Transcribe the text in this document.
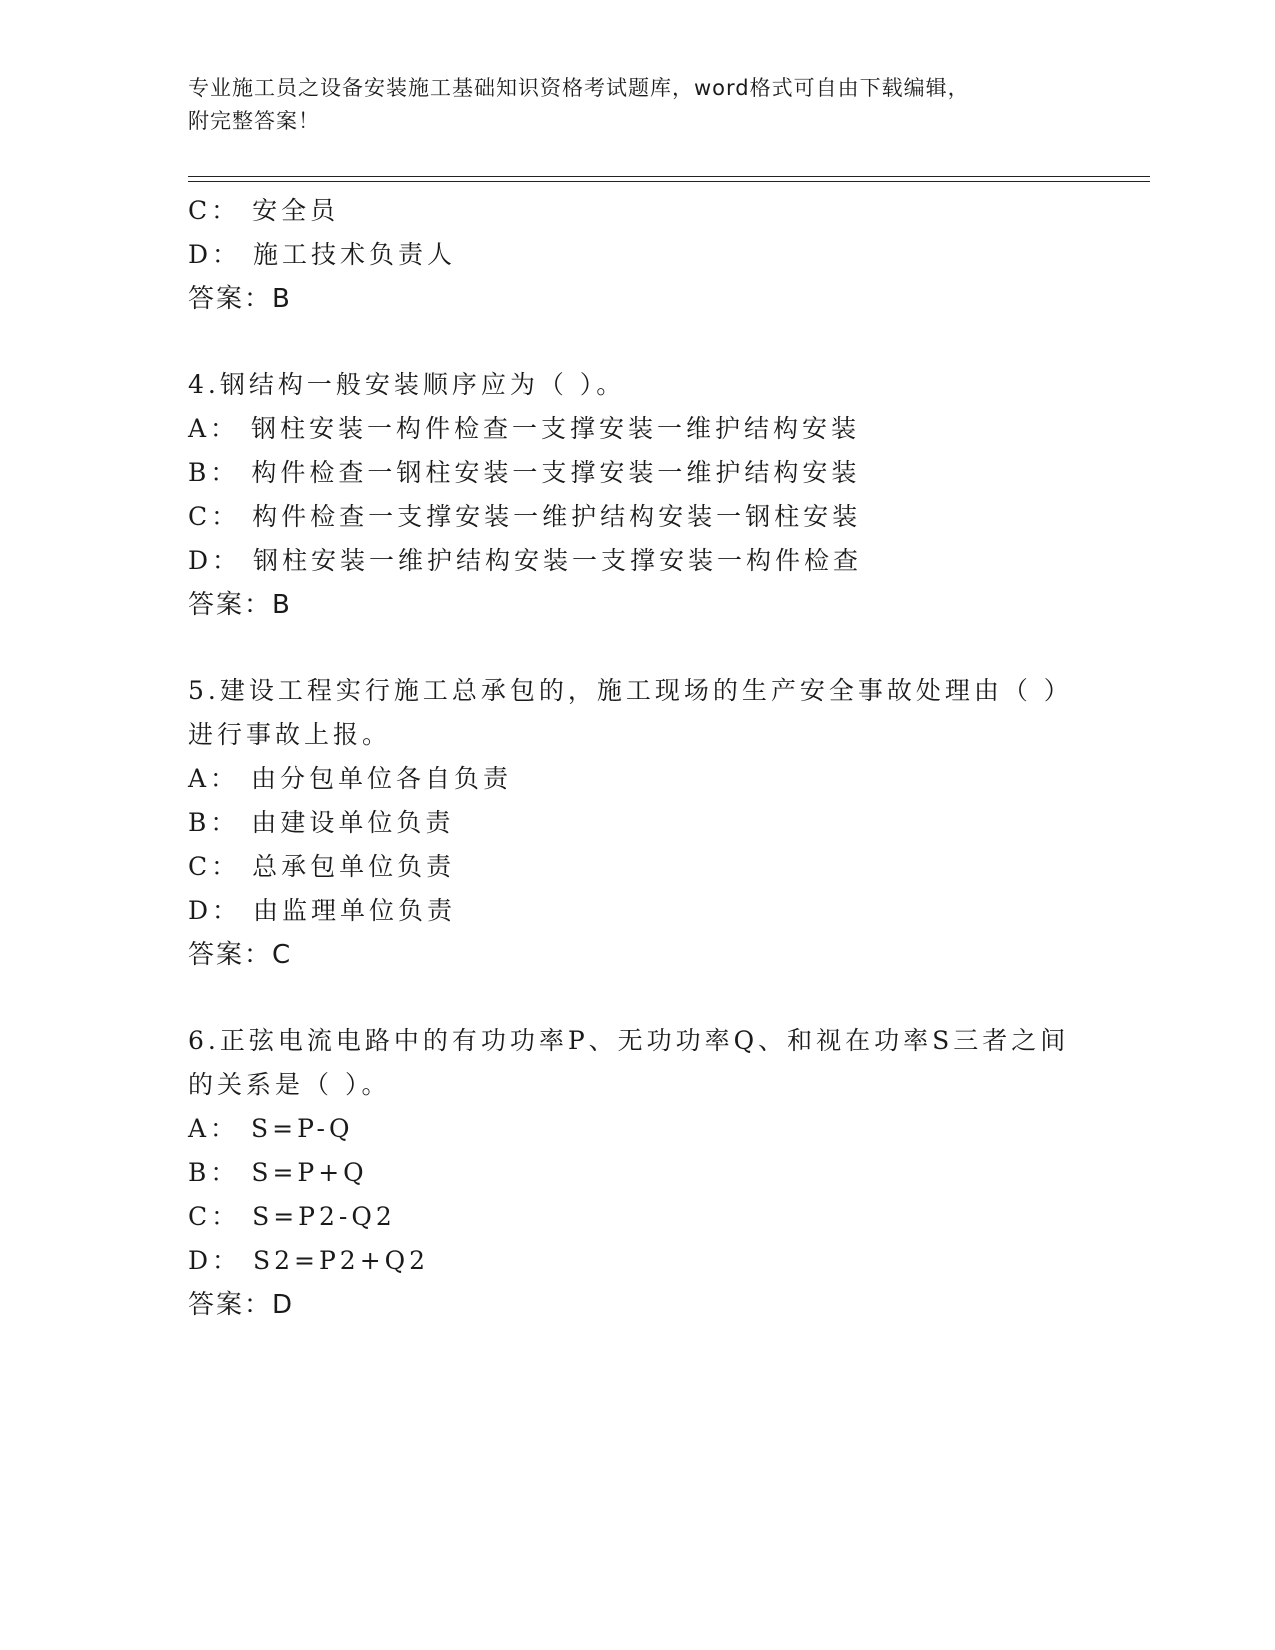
专业施工员之设备安装施工基础知识资格考试题库，word格式可自由下载编辑，
附完整答案！
C： 安全员
D： 施工技术负责人
答案：B
4.钢结构一般安装顺序应为（ ）。
A： 钢柱安装一构件检查一支撑安装一维护结构安装
B： 构件检查一钢柱安装一支撑安装一维护结构安装
C： 构件检查一支撑安装一维护结构安装一钢柱安装
D： 钢柱安装一维护结构安装一支撑安装一构件检查
答案：B
5.建设工程实行施工总承包的，施工现场的生产安全事故处理由（ ）
进行事故上报。
A： 由分包单位各自负责
B： 由建设单位负责
C： 总承包单位负责
D： 由监理单位负责
答案：C
6.正弦电流电路中的有功功率P、无功功率Q、和视在功率S三者之间
的关系是（ ）。
A： S=P-Q
B： S=P+Q
C： S=P2-Q2
D： S2=P2+Q2
答案：D
